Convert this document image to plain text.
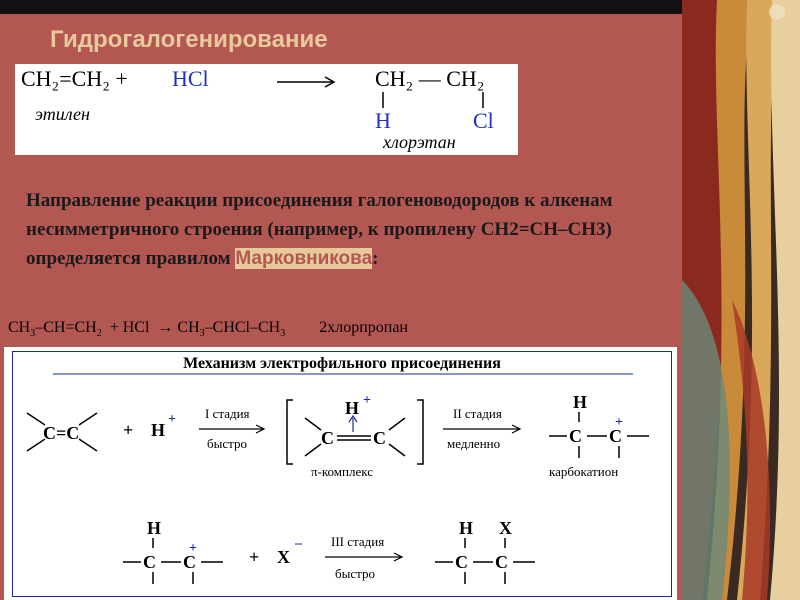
Гидрогалогенирование
CH₂=CH₂ + HCl	CH₂ — CH₂
H	Cl
этилен
хлорэтан
Направление реакции присоединения галогеноводородов к алкенам несимметричного строения (например, к пропилену CH2=CH–CH3) определяется правилом Марковникова:
$CH_3-CH=CH_2$  + HCl  → $CH_3-CHCl-CH_3$ 2хлорпропан
Механизм электрофильного присоединения
C=C + H
+ I стадия
быстро	C C
H +
π-комплекс
II стадия
медленно
H
C C
+
карбокатион
H
C C
+	+ X
‒ III стадия
быстро
H X
C C
